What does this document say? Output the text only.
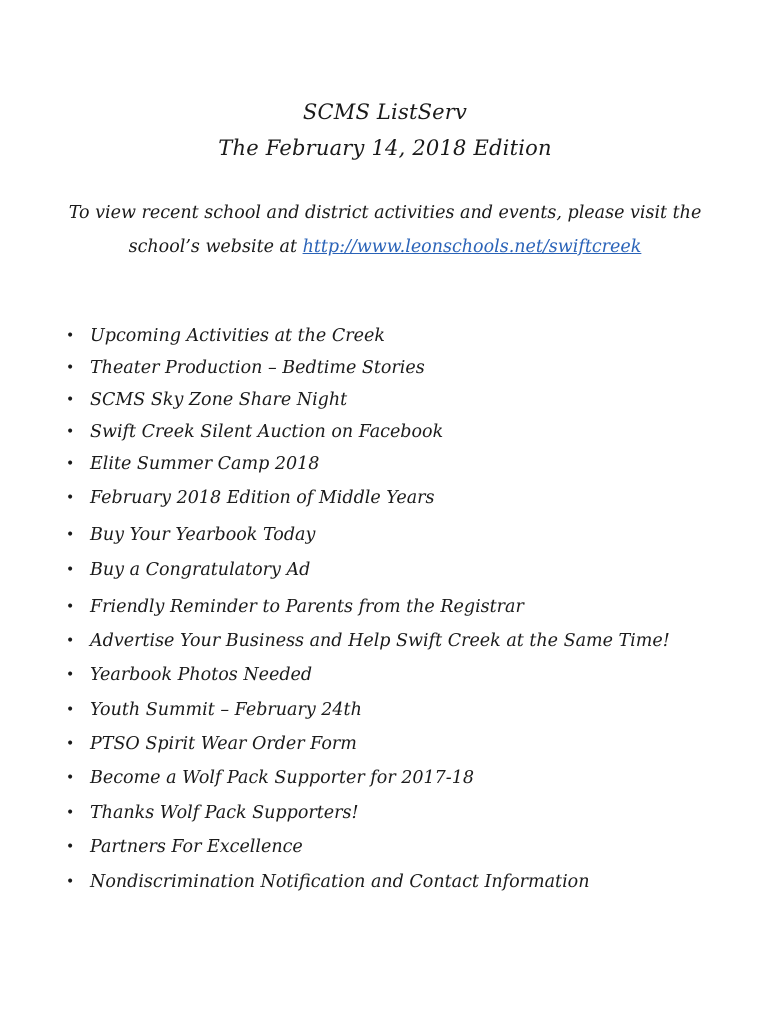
SCMS ListServ
The February 14, 2018 Edition
To view recent school and district activities and events, please visit the school’s website at http://www.leonschools.net/swiftcreek
• Upcoming Activities at the Creek
• Theater Production – Bedtime Stories
• SCMS Sky Zone Share Night
• Swift Creek Silent Auction on Facebook
• Elite Summer Camp 2018
• February 2018 Edition of Middle Years
• Buy Your Yearbook Today
• Buy a Congratulatory Ad
• Friendly Reminder to Parents from the Registrar
• Advertise Your Business and Help Swift Creek at the Same Time!
• Yearbook Photos Needed
• Youth Summit – February 24th
• PTSO Spirit Wear Order Form
• Become a Wolf Pack Supporter for 2017-18
• Thanks Wolf Pack Supporters!
• Partners For Excellence
• Nondiscrimination Notification and Contact Information
